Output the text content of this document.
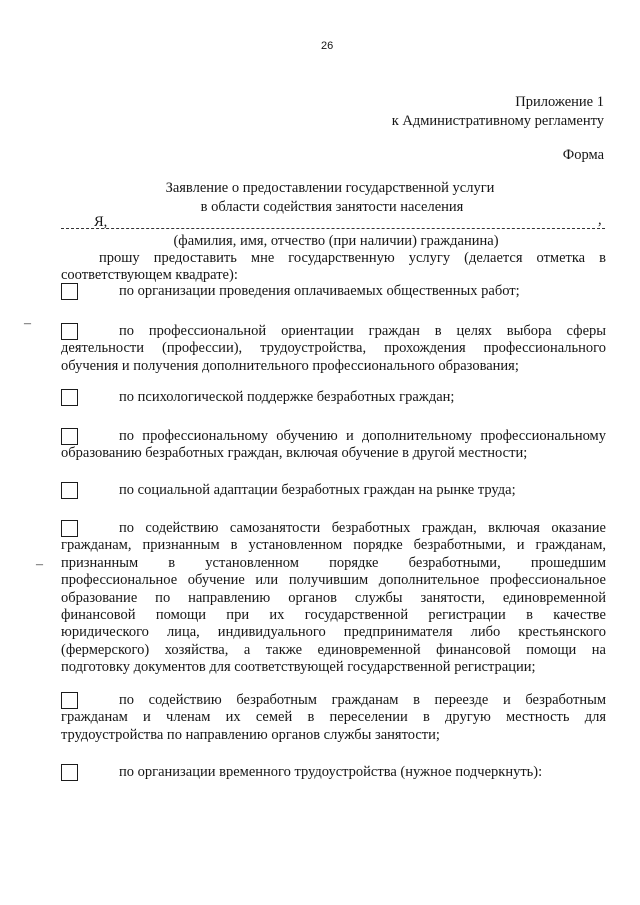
26
Приложение 1
к Административному регламенту
Форма
Заявление о предоставлении государственной услуги
в области содействия занятости населения
Я,	,
(фамилия, имя, отчество (при наличии) гражданина)
прошу предоставить мне государственную услугу (делается отметка в
соответствующем квадрате):
по организации проведения оплачиваемых общественных работ;
–	по профессиональной ориентации граждан в целях выбора сферы
деятельности (профессии), трудоустройства, прохождения профессионального
обучения и получения дополнительного профессионального образования;
по психологической поддержке безработных граждан;
по профессиональному обучению и дополнительному профессиональному
образованию безработных граждан, включая обучение в другой местности;
по социальной адаптации безработных граждан на рынке труда;
–
по содействию самозанятости безработных граждан, включая оказание
гражданам, признанным в установленном порядке безработными, и гражданам,
признанным в установленном порядке безработными, прошедшим
профессиональное обучение или получившим дополнительное профессиональное
образование по направлению органов службы занятости, единовременной
финансовой помощи при их государственной регистрации в качестве
юридического лица, индивидуального предпринимателя либо крестьянского
(фермерского) хозяйства, а также единовременной финансовой помощи на
подготовку документов для соответствующей государственной регистрации;
по содействию безработным гражданам в переезде и безработным
гражданам и членам их семей в переселении в другую местность для
трудоустройства по направлению органов службы занятости;
по организации временного трудоустройства (нужное подчеркнуть):
